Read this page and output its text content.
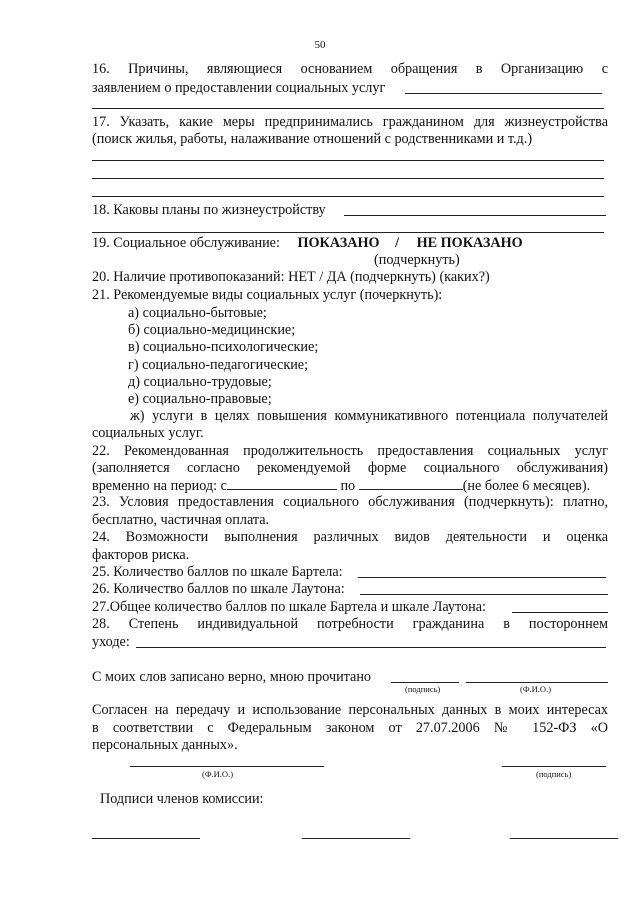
50
16. Причины, являющиеся основанием обращения в Организацию с
заявлением о предоставлении социальных услуг
17. Указать, какие меры предпринимались гражданином для жизнеустройства
(поиск жилья, работы, налаживание отношений с родственниками и т.д.)
18. Каковы планы по жизнеустройству
19. Социальное обслуживание: ПОКАЗАНО / НЕ ПОКАЗАНО
(подчеркнуть)
20. Наличие противопоказаний: НЕТ / ДА (подчеркнуть) (каких?)
21. Рекомендуемые виды социальных услуг (почеркнуть):
а) социально-бытовые;
б) социально-медицинские;
в) социально-психологические;
г) социально-педагогические;
д) социально-трудовые;
е) социально-правовые;
ж) услуги в целях повышения коммуникативного потенциала получателей
социальных услуг.
22. Рекомендованная продолжительность предоставления социальных услуг
(заполняется согласно рекомендуемой форме социального обслуживания)
временно на период: с	по	(не более 6 месяцев).
23. Условия предоставления социального обслуживания (подчеркнуть): платно,
бесплатно, частичная оплата.
24. Возможности выполнения различных видов деятельности и оценка
факторов риска.
25. Количество баллов по шкале Бартела:
26. Количество баллов по шкале Лаутона:
27.Общее количество баллов по шкале Бартела и шкале Лаутона:
28. Степень индивидуальной потребности гражданина в постороннем
уходе:
С моих слов записано верно, мною прочитано
(подпись)	(Ф.И.О.)
Согласен на передачу и использование персональных данных в моих интересах
в соответствии с Федеральным законом от 27.07.2006 № 152-ФЗ «О
персональных данных».
(Ф.И.О.)	(подпись)
Подписи членов комиссии:
